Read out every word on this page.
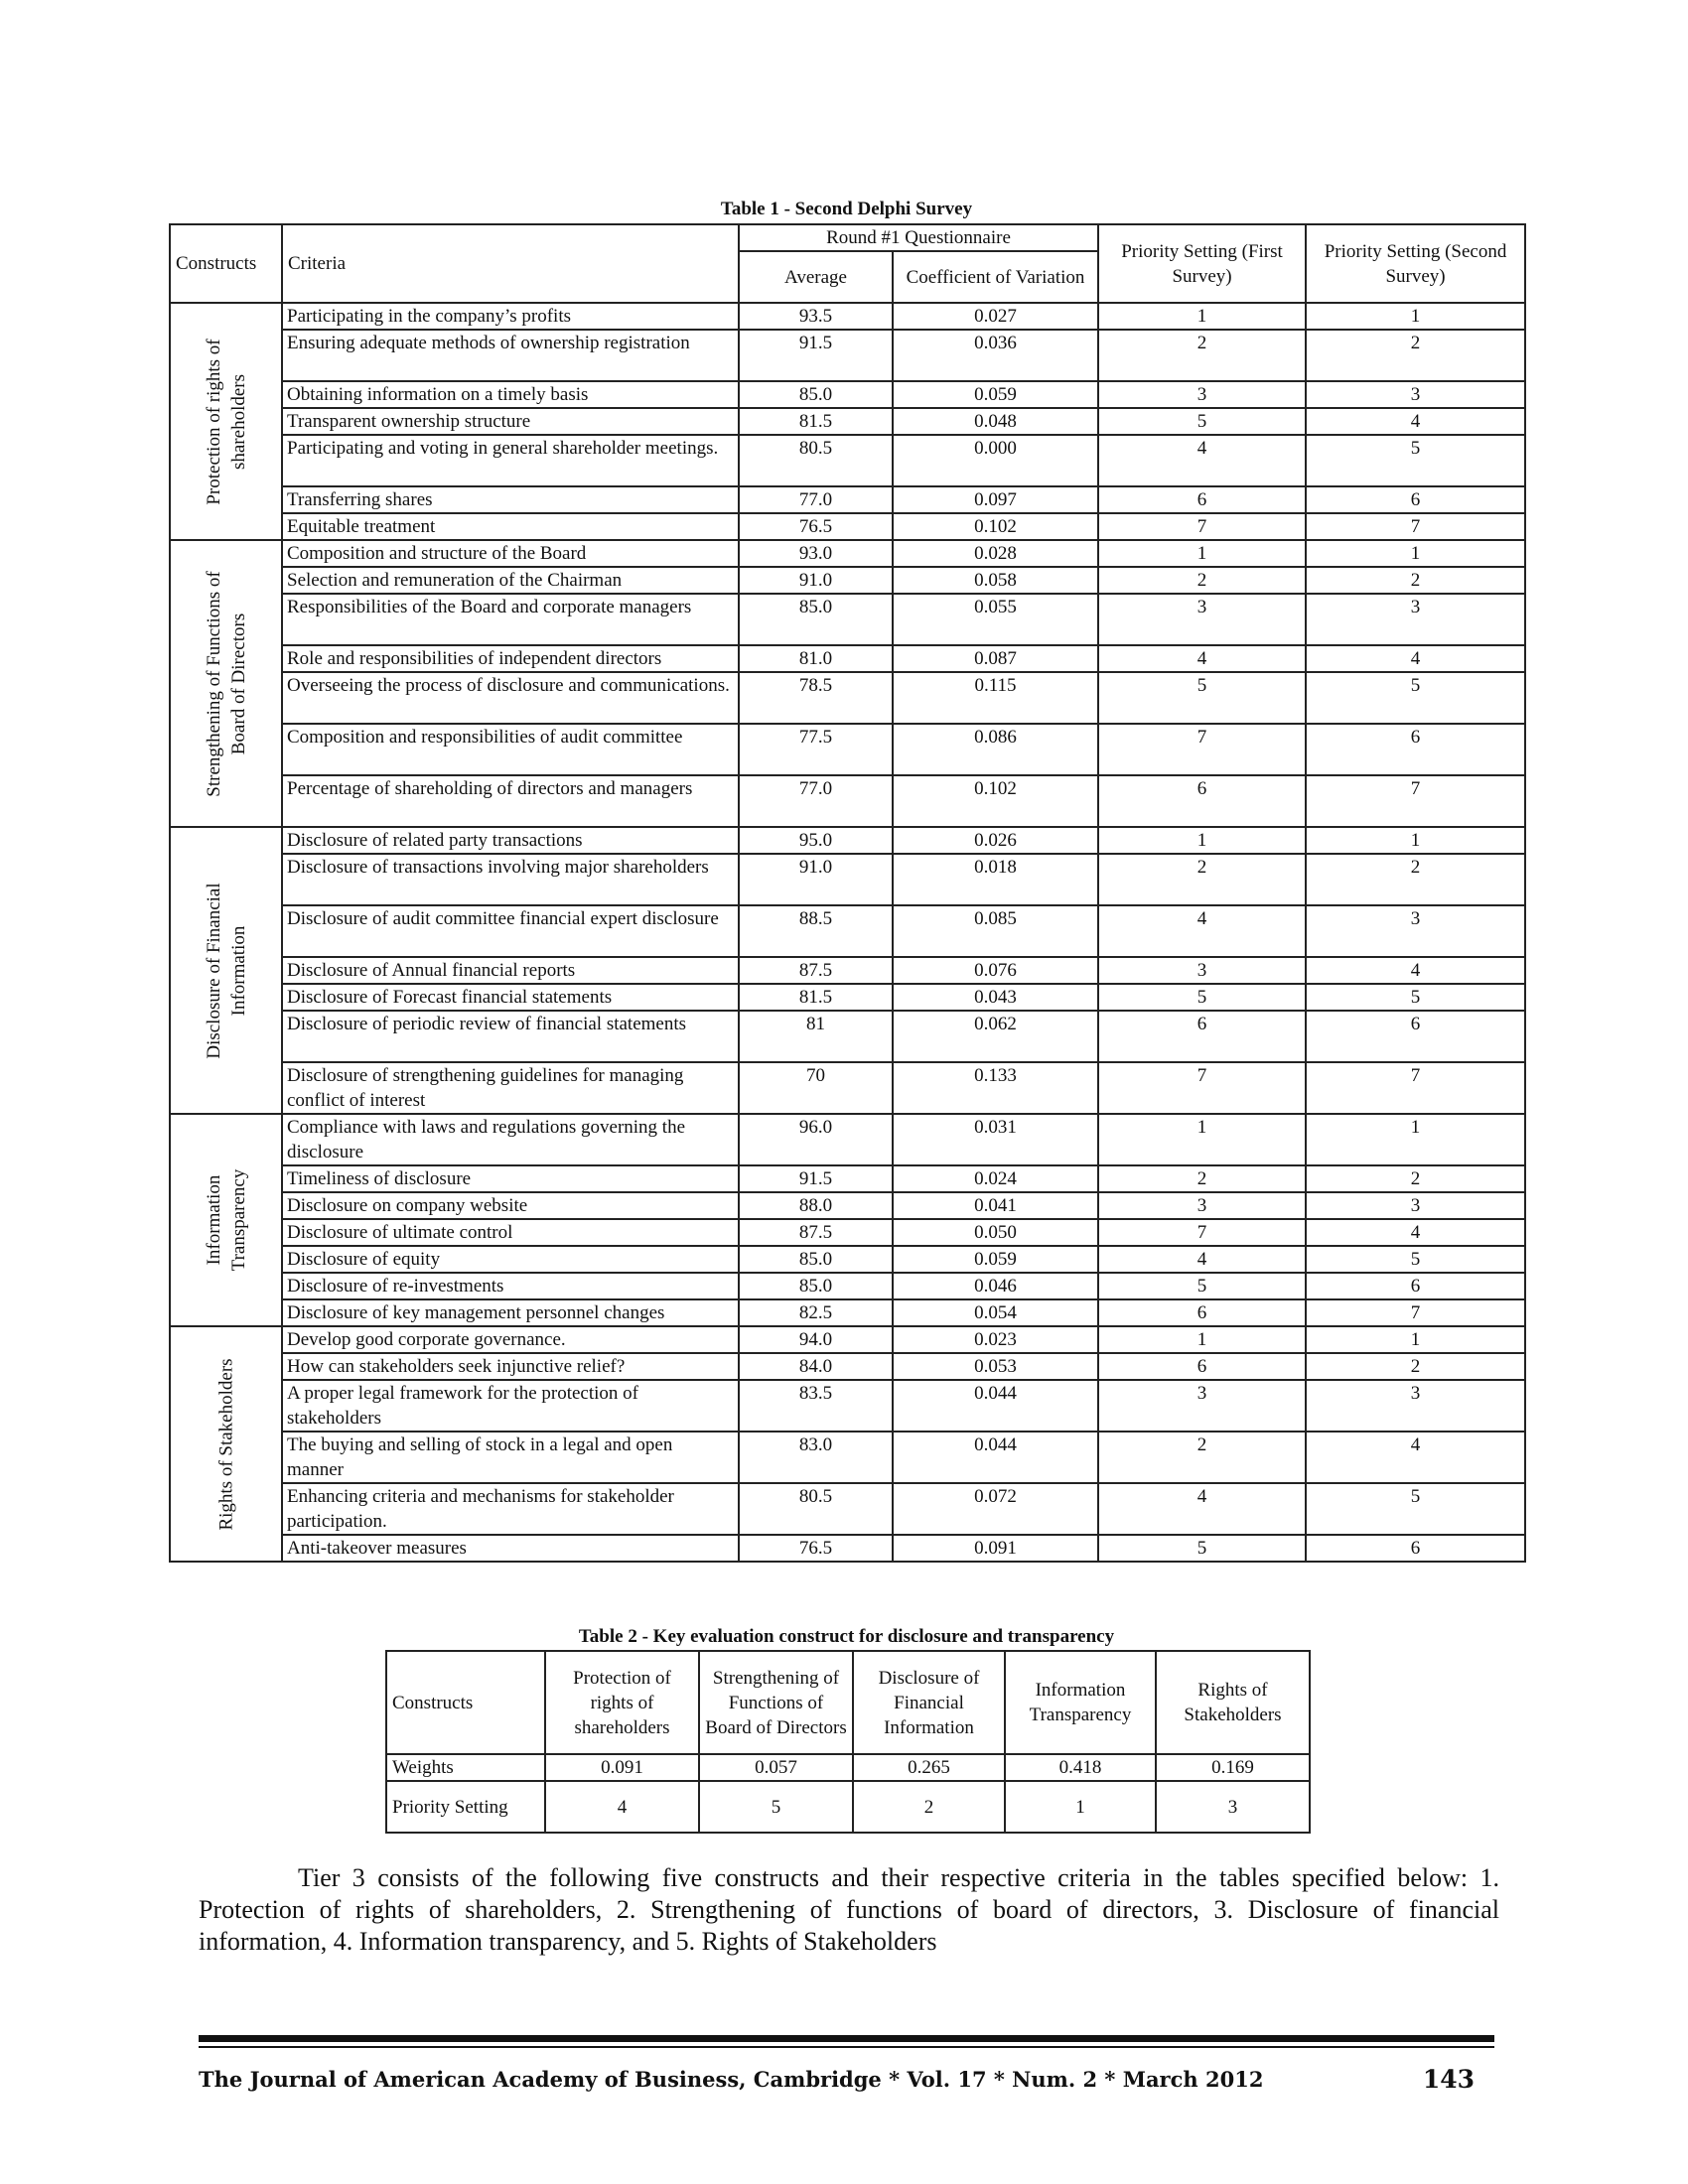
Table 1 - Second Delphi Survey
Constructs	Criteria	Round #1 Questionnaire		Priority Setting (First Survey)	Priority Setting (Second Survey)
		Average	Coefficient of Variation		

Protection of rights of shareholders	Participating in the company’s profits	93.5	0.027	1	1
	Ensuring adequate methods of ownership registration	91.5	0.036	2	2
	Obtaining information on a timely basis	85.0	0.059	3	3
	Transparent ownership structure	81.5	0.048	5	4
	Participating and voting in general shareholder meetings.	80.5	0.000	4	5
	Transferring shares	77.0	0.097	6	6
	Equitable treatment	76.5	0.102	7	7

Strengthening of Functions of Board of Directors	Composition and structure of the Board	93.0	0.028	1	1
	Selection and remuneration of the Chairman	91.0	0.058	2	2
	Responsibilities of the Board and corporate managers	85.0	0.055	3	3
	Role and responsibilities of independent directors	81.0	0.087	4	4
	Overseeing the process of disclosure and communications.	78.5	0.115	5	5
	Composition and responsibilities of audit committee	77.5	0.086	7	6
	Percentage of shareholding of directors and managers	77.0	0.102	6	7

Disclosure of Financial Information	Disclosure of related party transactions	95.0	0.026	1	1
	Disclosure of transactions involving major shareholders	91.0	0.018	2	2
	Disclosure of audit committee financial expert disclosure	88.5	0.085	4	3
	Disclosure of Annual financial reports	87.5	0.076	3	4
	Disclosure of Forecast financial statements	81.5	0.043	5	5
	Disclosure of periodic review of financial statements	81	0.062	6	6
	Disclosure of strengthening guidelines for managing conflict of interest	70	0.133	7	7

Information Transparency	Compliance with laws and regulations governing the disclosure	96.0	0.031	1	1
	Timeliness of disclosure	91.5	0.024	2	2
	Disclosure on company website	88.0	0.041	3	3
	Disclosure of ultimate control	87.5	0.050	7	4
	Disclosure of equity	85.0	0.059	4	5
	Disclosure of re-investments	85.0	0.046	5	6
	Disclosure of key management personnel changes	82.5	0.054	6	7

Rights of Stakeholders	Develop good corporate governance.	94.0	0.023	1	1
	How can stakeholders seek injunctive relief?	84.0	0.053	6	2
	A proper legal framework for the protection of stakeholders	83.5	0.044	3	3
	The buying and selling of stock in a legal and open manner	83.0	0.044	2	4
	Enhancing criteria and mechanisms for stakeholder participation.	80.5	0.072	4	5
	Anti-takeover measures	76.5	0.091	5	6
Table 2 - Key evaluation construct for disclosure and transparency
Constructs	Protection of rights of shareholders	Strengthening of Functions of Board of Directors	Disclosure of Financial Information	Information Transparency	Rights of Stakeholders
Weights	0.091	0.057	0.265	0.418	0.169
Priority Setting	4	5	2	1	3
Tier 3 consists of the following five constructs and their respective criteria in the tables specified below: 1. Protection of rights of shareholders, 2. Strengthening of functions of board of directors, 3. Disclosure of financial information, 4. Information transparency, and 5. Rights of Stakeholders
The Journal of American Academy of Business, Cambridge * Vol. 17 * Num. 2 * March 2012	143
